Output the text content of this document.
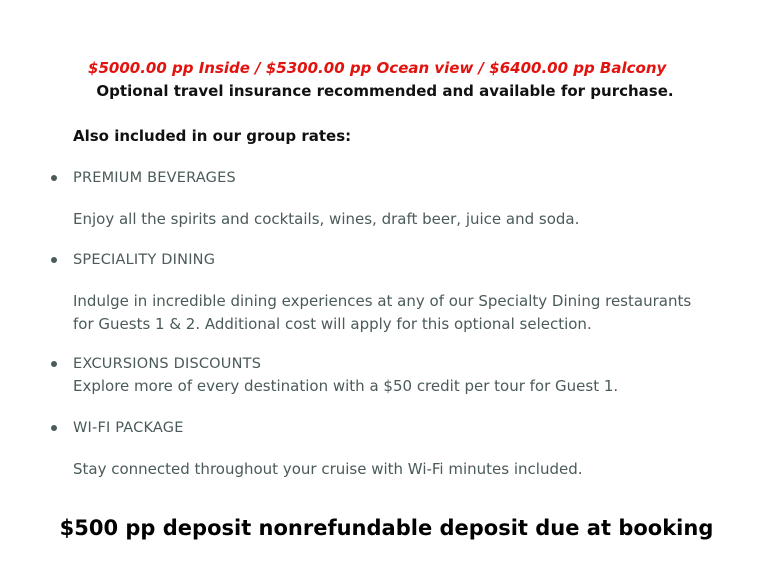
$5000.00 pp Inside / $5300.00 pp Ocean view / $6400.00 pp Balcony    Optional travel insurance recommended and available for purchase.
Also included in our group rates:
PREMIUM BEVERAGES
Enjoy all the spirits and cocktails, wines, draft beer, juice and soda.
SPECIALITY DINING
Indulge in incredible dining experiences at any of our Specialty Dining restaurants for Guests 1 & 2. Additional cost will apply for this optional selection.
EXCURSIONS DISCOUNTS
Explore more of every destination with a $50 credit per tour for Guest 1.
WI-FI PACKAGE
Stay connected throughout your cruise with Wi-Fi minutes included.
$500 pp deposit nonrefundable deposit due at booking
